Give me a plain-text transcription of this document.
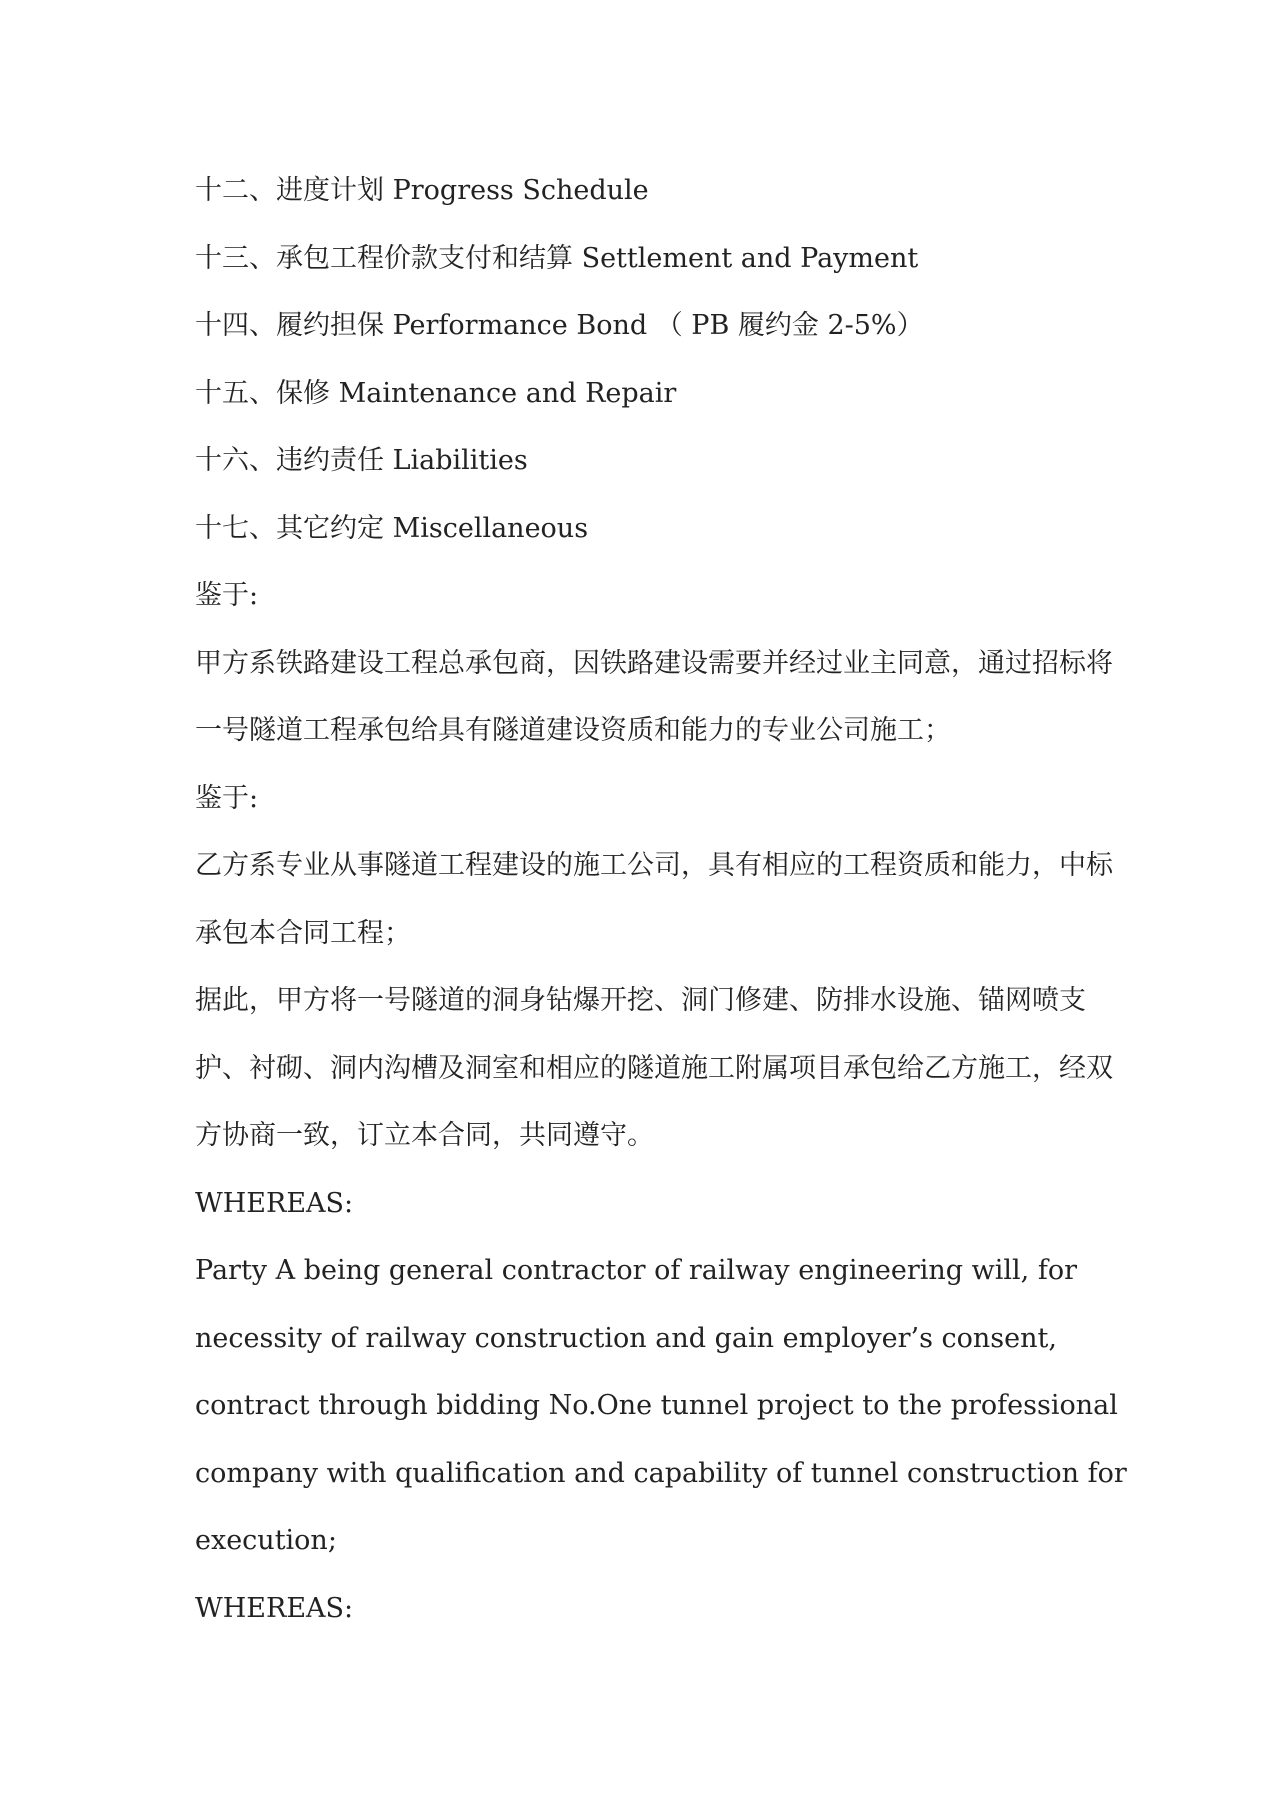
十二、进度计划 Progress Schedule
十三、承包工程价款支付和结算 Settlement and Payment
十四、履约担保 Performance Bond （ PB 履约金 2-5%）
十五、保修 Maintenance and Repair
十六、违约责任 Liabilities
十七、其它约定 Miscellaneous
鉴于:
甲方系铁路建设工程总承包商，因铁路建设需要并经过业主同意，通过招标将
一号隧道工程承包给具有隧道建设资质和能力的专业公司施工；
鉴于:
乙方系专业从事隧道工程建设的施工公司，具有相应的工程资质和能力，中标
承包本合同工程；
据此，甲方将一号隧道的洞身钻爆开挖、洞门修建、防排水设施、锚网喷支
护、衬砌、洞内沟槽及洞室和相应的隧道施工附属项目承包给乙方施工，经双
方协商一致，订立本合同，共同遵守。
WHEREAS:
Party A being general contractor of railway engineering will, for
necessity of railway construction and gain employer’s consent,
contract through bidding No.One tunnel project to the professional
company with qualification and capability of tunnel construction for
execution;
WHEREAS:
